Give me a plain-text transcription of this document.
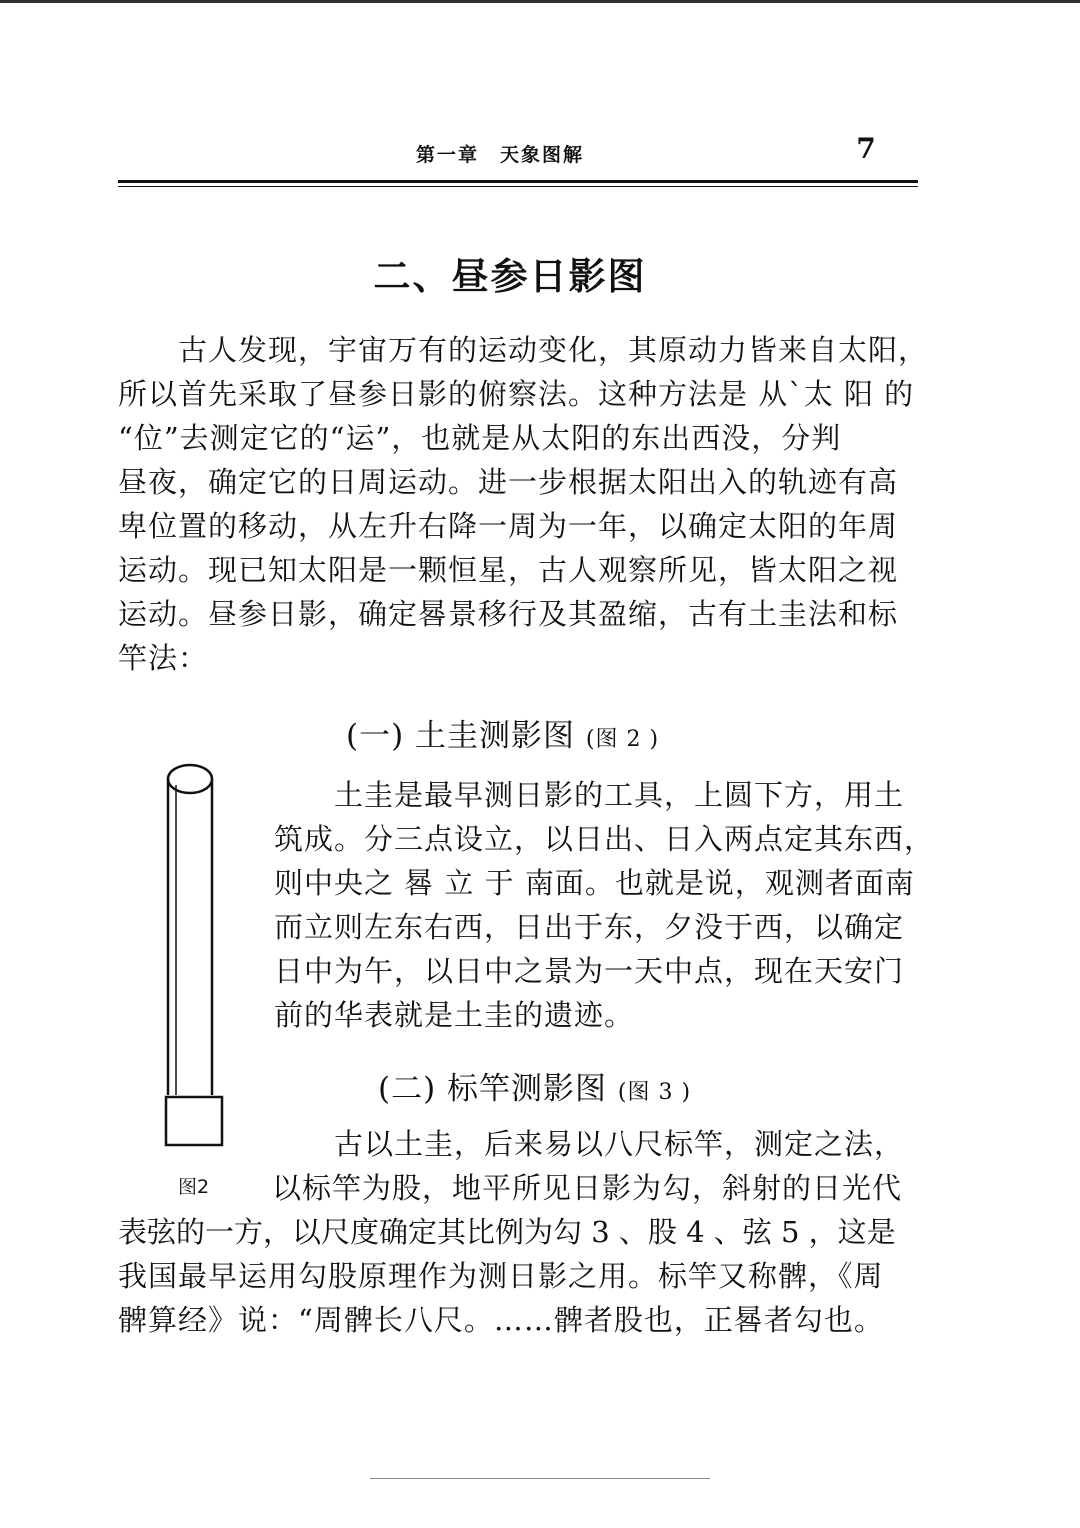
第一章　天象图解	7
二、昼参日影图
古人发现，宇宙万有的运动变化，其原动力皆来自太阳，
所以首先采取了昼参日影的俯察法。这种方法是 从`太 阳 的
“位”去测定它的“运”，也就是从太阳的东出西没，分判
昼夜，确定它的日周运动。进一步根据太阳出入的轨迹有高
卑位置的移动，从左升右降一周为一年，以确定太阳的年周
运动。现已知太阳是一颗恒星，古人观察所见，皆太阳之视
运动。昼参日影，确定晷景移行及其盈缩，古有土圭法和标
竿法：
(一) 土圭测影图 (图 2 )
图2
土圭是最早测日影的工具，上圆下方，用土
筑成。分三点设立，以日出、日入两点定其东西，
则中央之 晷 立 于 南面。也就是说，观测者面南
而立则左东右西，日出于东，夕没于西，以确定
日中为午，以日中之景为一天中点，现在天安门
前的华表就是土圭的遗迹。
(二) 标竿测影图 (图 3 )
古以土圭，后来易以八尺标竿，测定之法，
以标竿为股，地平所见日影为勾，斜射的日光代
表弦的一方，以尺度确定其比例为勾 3 、股 4 、弦 5 ，这是
我国最早运用勾股原理作为测日影之用。标竿又称髀，《周
髀算经》说：“周髀长八尺。……髀者股也，正晷者勾也。
